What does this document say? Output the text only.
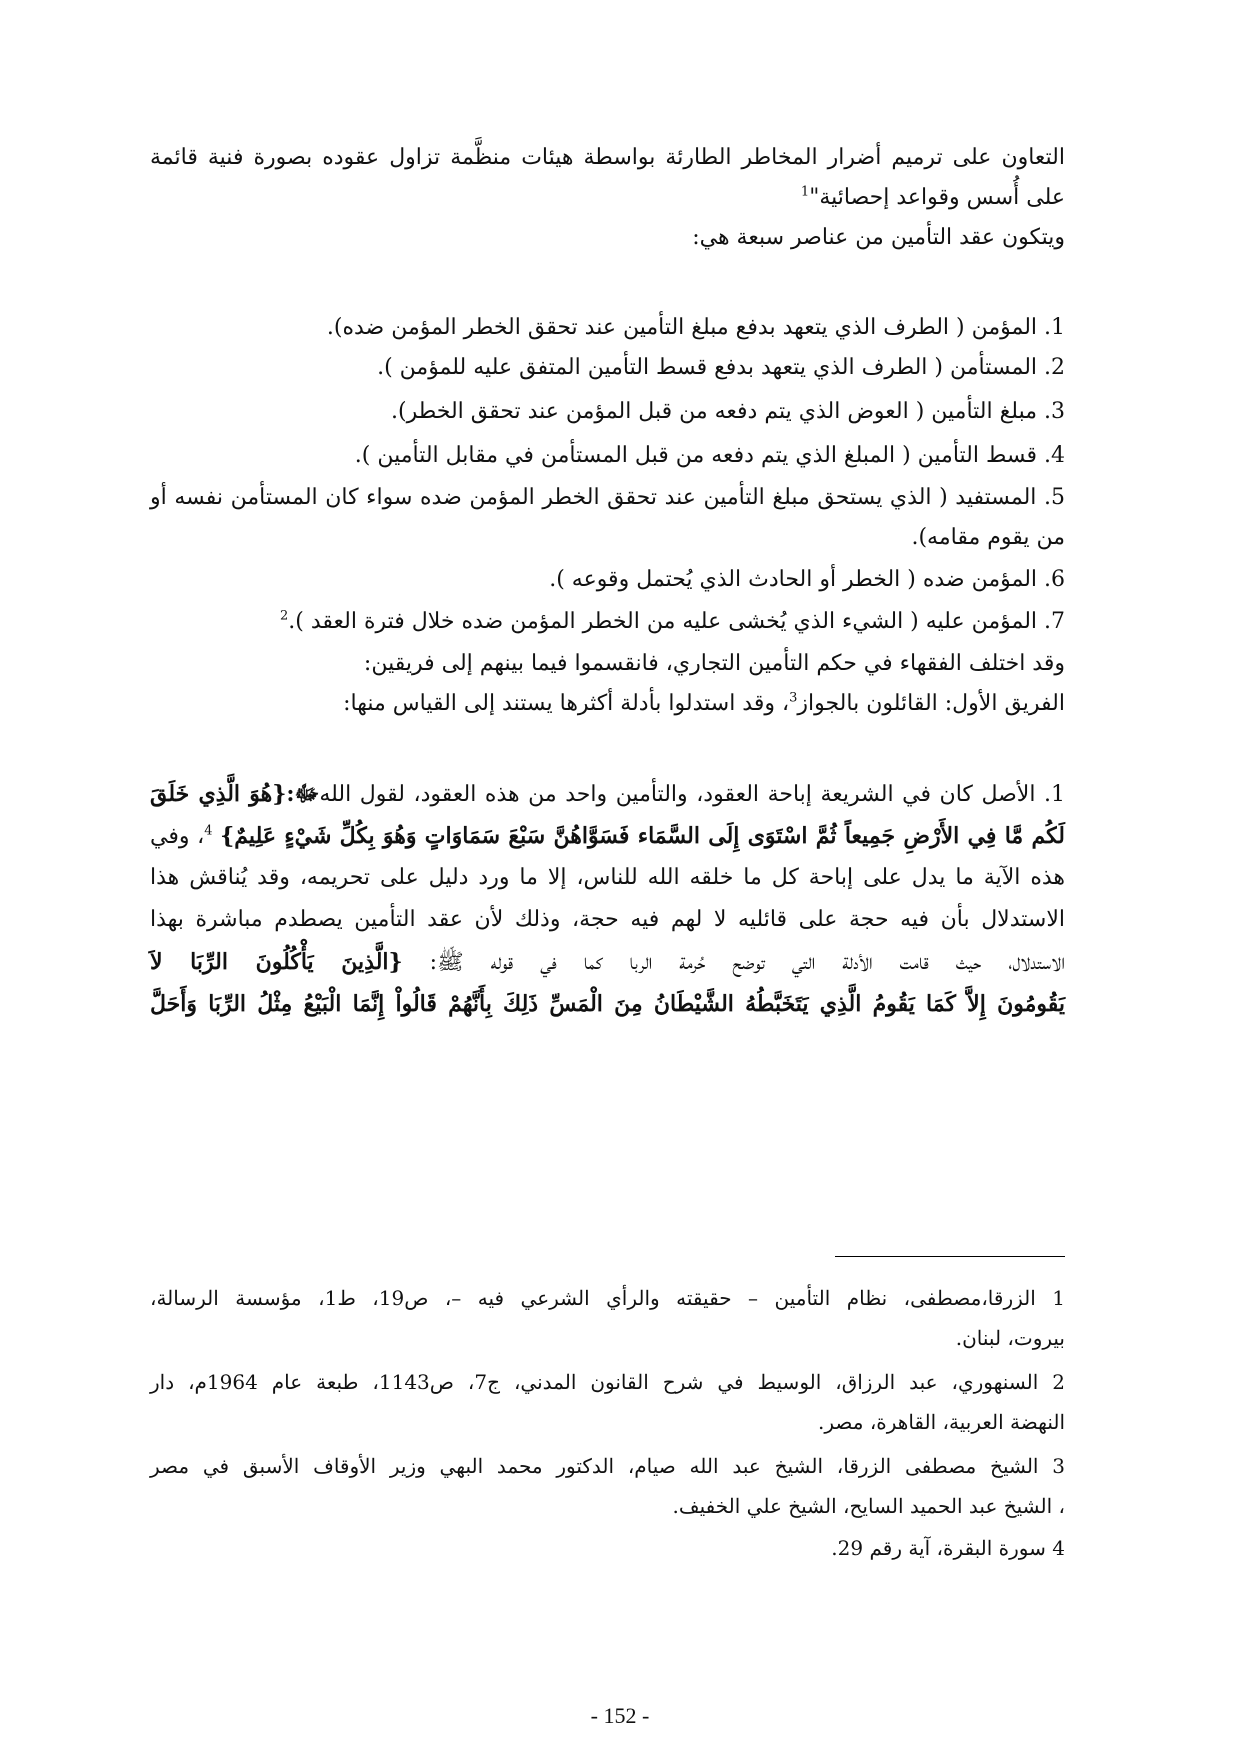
التعاون على ترميم أضرار المخاطر الطارئة بواسطة هيئات منظَّمة تزاول عقوده بصورة فنية قائمة
على أُسس وقواعد إحصائية"$^1$
ويتكون عقد التأمين من عناصر سبعة هي:
1. المؤمن ( الطرف الذي يتعهد بدفع مبلغ التأمين عند تحقق الخطر المؤمن ضده).
2. المستأمن ( الطرف الذي يتعهد بدفع قسط التأمين المتفق عليه للمؤمن ).
3. مبلغ التأمين ( العوض الذي يتم دفعه من قبل المؤمن عند تحقق الخطر).
4. قسط التأمين ( المبلغ الذي يتم دفعه من قبل المستأمن في مقابل التأمين ).
5. المستفيد ( الذي يستحق مبلغ التأمين عند تحقق الخطر المؤمن ضده سواء كان المستأمن نفسه أو
من يقوم مقامه).
6. المؤمن ضده ( الخطر أو الحادث الذي يُحتمل وقوعه ).
7. المؤمن عليه ( الشيء الذي يُخشى عليه من الخطر المؤمن ضده خلال فترة العقد ).$^2$
وقد اختلف الفقهاء في حكم التأمين التجاري، فانقسموا فيما بينهم إلى فريقين:
الفريق الأول: القائلون بالجواز$^3$، وقد استدلوا بأدلة أكثرها يستند إلى القياس منها:
1. الأصل كان في الشريعة إباحة العقود، والتأمين واحد من هذه العقود، لقول اللهﷻ:{هُوَ الَّذِي خَلَقَ
لَكُم مَّا فِي الأَرْضِ جَمِيعاً ثُمَّ اسْتَوَى إِلَى السَّمَاء فَسَوَّاهُنَّ سَبْعَ سَمَاوَاتٍ وَهُوَ بِكُلِّ شَيْءٍ عَلِيمٌ} $^4$، وفي
هذه الآية ما يدل على إباحة كل ما خلقه الله للناس، إلا ما ورد دليل على تحريمه، وقد يُناقش هذا
الاستدلال بأن فيه حجة على قائليه لا لهم فيه حجة، وذلك لأن عقد التأمين يصطدم مباشرة بهذا
الاستدلال، حيث قامت الأدلة التي توضح حُرمة الربا كما في قوله ﷺ: {الَّذِينَ يَأْكُلُونَ الرِّبَا لاَ
يَقُومُونَ إِلاَّ كَمَا يَقُومُ الَّذِي يَتَخَبَّطُهُ الشَّيْطَانُ مِنَ الْمَسِّ ذَلِكَ بِأَنَّهُمْ قَالُواْ إِنَّمَا الْبَيْعُ مِثْلُ الرِّبَا وَأَحَلَّ
1 الزرقا،مصطفى، نظام التأمين – حقيقته والرأي الشرعي فيه –، ص19، ط1، مؤسسة الرسالة،
بيروت، لبنان.
2 السنهوري، عبد الرزاق، الوسيط في شرح القانون المدني، ج7، ص1143، طبعة عام 1964م، دار
النهضة العربية، القاهرة، مصر.
3 الشيخ مصطفى الزرقا، الشيخ عبد الله صيام، الدكتور محمد البهي وزير الأوقاف الأسبق في مصر
، الشيخ عبد الحميد السايح، الشيخ علي الخفيف.
4 سورة البقرة، آية رقم 29.
- 152 -
